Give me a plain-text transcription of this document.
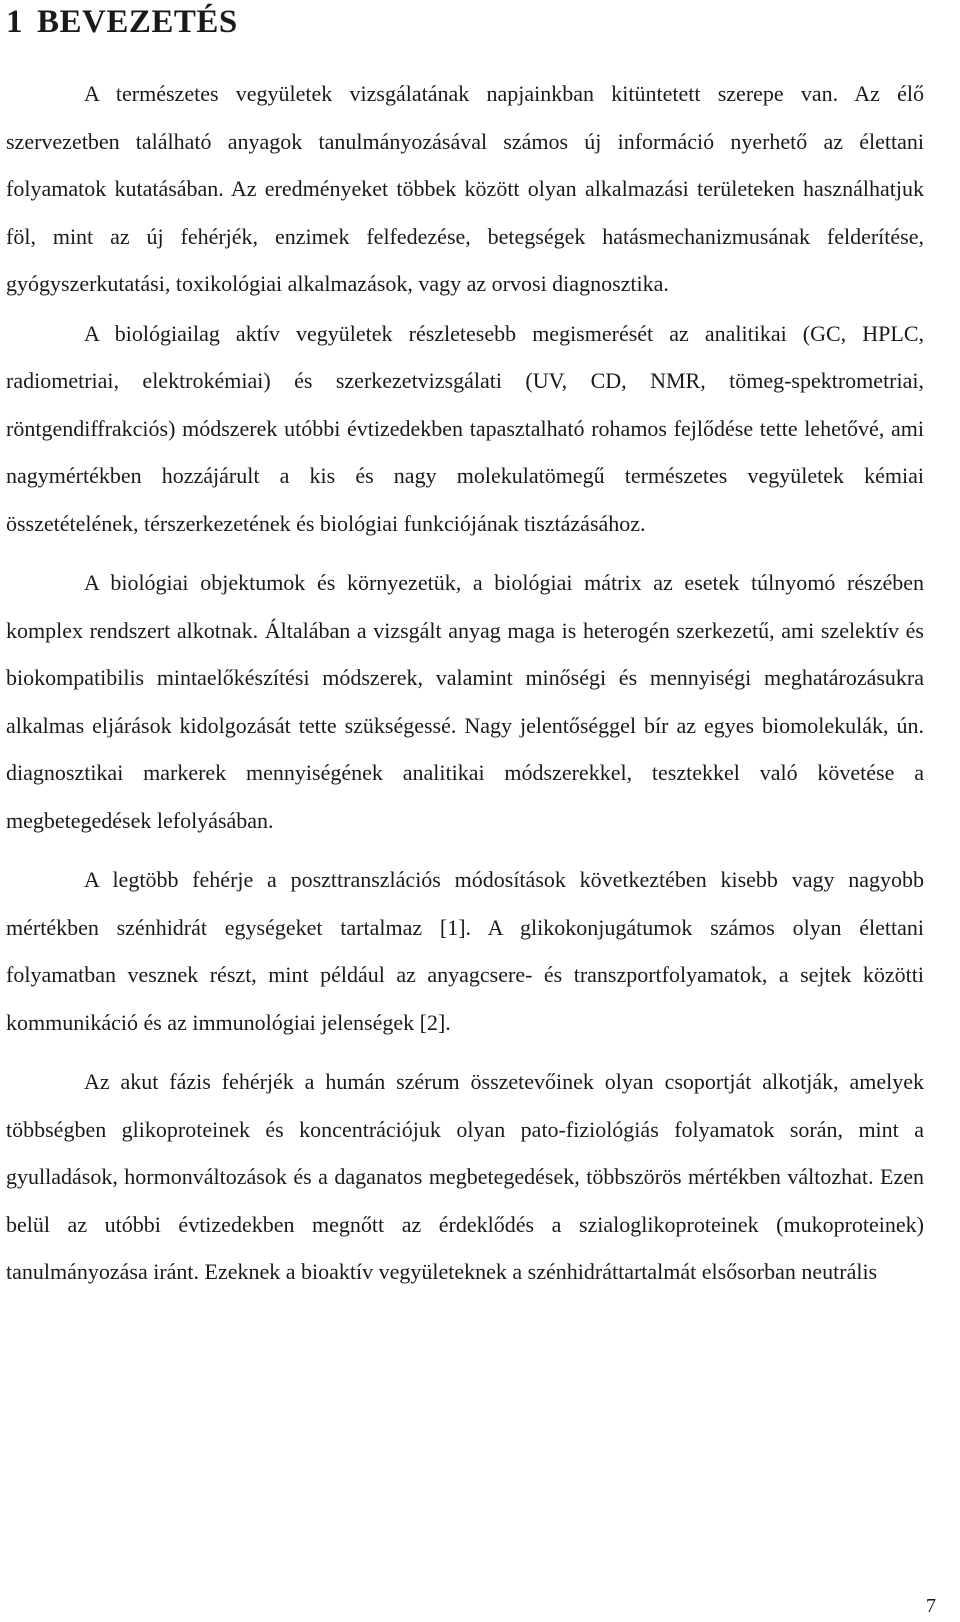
1 BEVEZETÉS

A természetes vegyületek vizsgálatának napjainkban kitüntetett szerepe van. Az élő szervezetben található anyagok tanulmányozásával számos új információ nyerhető az élettani folyamatok kutatásában. Az eredményeket többek között olyan alkalmazási területeken használhatjuk föl, mint az új fehérjék, enzimek felfedezése, betegségek hatásmechanizmusának felderítése, gyógyszerkutatási, toxikológiai alkalmazások, vagy az orvosi diagnosztika.

A biológiailag aktív vegyületek részletesebb megismerését az analitikai (GC, HPLC, radiometriai, elektrokémiai) és szerkezetvizsgálati (UV, CD, NMR, tömeg-spektrometriai, röntgendiffrakciós) módszerek utóbbi évtizedekben tapasztalható rohamos fejlődése tette lehetővé, ami nagymértékben hozzájárult a kis és nagy molekulatömegű természetes vegyületek kémiai összetételének, térszerkezetének és biológiai funkciójának tisztázásához.

A biológiai objektumok és környezetük, a biológiai mátrix az esetek túlnyomó részében komplex rendszert alkotnak. Általában a vizsgált anyag maga is heterogén szerkezetű, ami szelektív és biokompatibilis mintaelőkészítési módszerek, valamint minőségi és mennyiségi meghatározásukra alkalmas eljárások kidolgozását tette szükségessé. Nagy jelentőséggel bír az egyes biomolekulák, ún. diagnosztikai markerek mennyiségének analitikai módszerekkel, tesztekkel való követése a megbetegedések lefolyásában.

A legtöbb fehérje a poszttranszlációs módosítások következtében kisebb vagy nagyobb mértékben szénhidrát egységeket tartalmaz [1]. A glikokonjugátumok számos olyan élettani folyamatban vesznek részt, mint például az anyagcsere- és transzportfolyamatok, a sejtek közötti kommunikáció és az immunológiai jelenségek [2].

Az akut fázis fehérjék a humán szérum összetevőinek olyan csoportját alkotják, amelyek többségben glikoproteinek és koncentrációjuk olyan pato-fiziológiás folyamatok során, mint a gyulladások, hormonváltozások és a daganatos megbetegedések, többszörös mértékben változhat. Ezen belül az utóbbi évtizedekben megnőtt az érdeklődés a szialoglikoproteinek (mukoproteinek) tanulmányozása iránt. Ezeknek a bioaktív vegyületeknek a szénhidráttartalmát elsősorban neutrális

7
